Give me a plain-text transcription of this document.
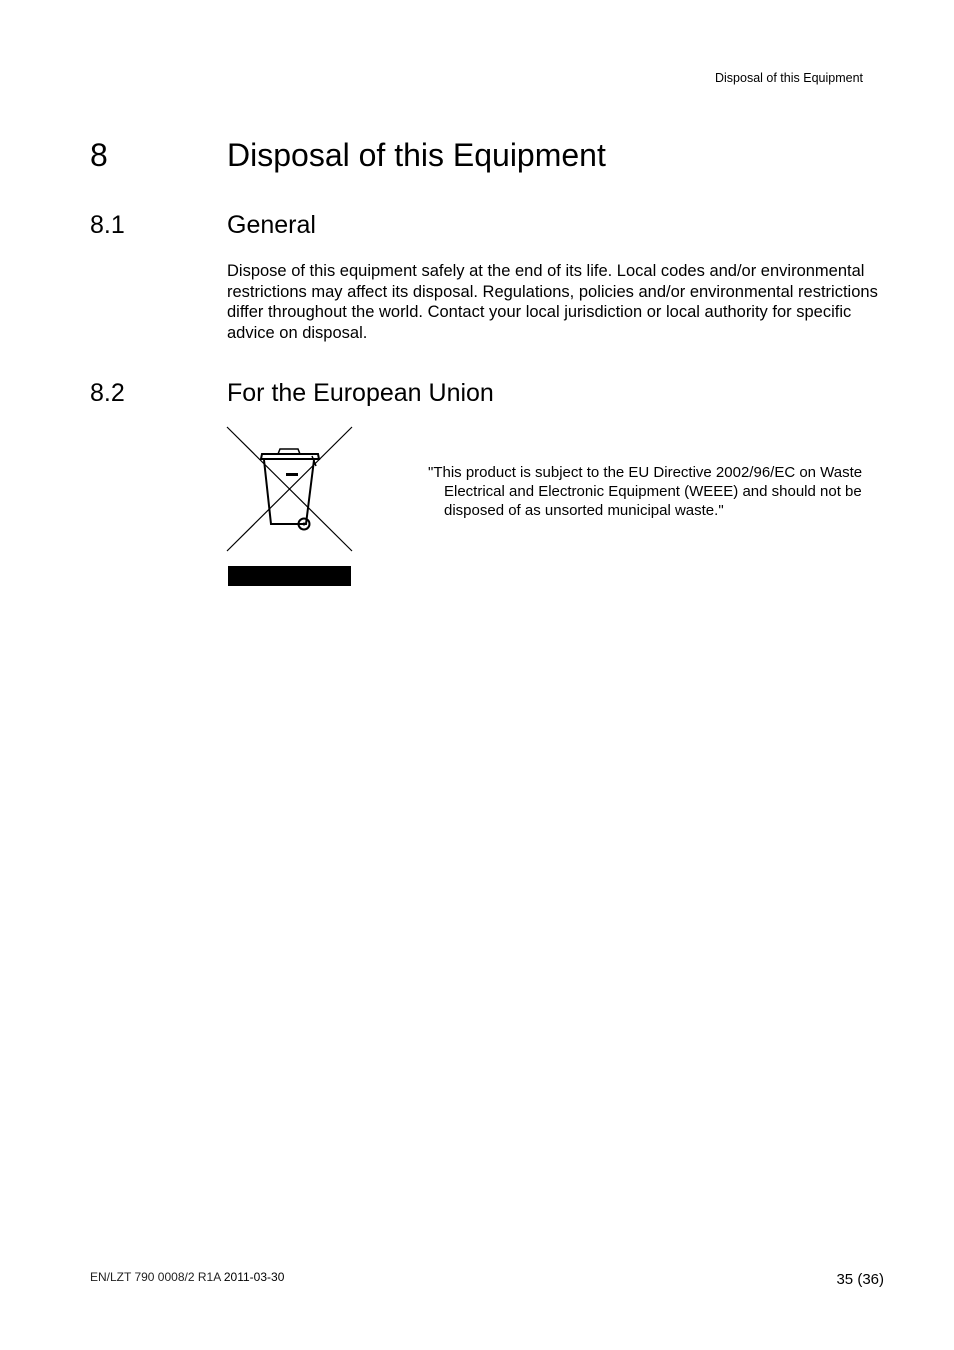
Disposal of this Equipment
8	Disposal of this Equipment
8.1	General
Dispose of this equipment safely at the end of its life. Local codes and/or environmental restrictions may affect its disposal. Regulations, policies and/or environmental restrictions differ throughout the world. Contact your local jurisdiction or local authority for specific advice on disposal.
8.2	For the European Union
"This product is subject to the EU Directive 2002/96/EC on Waste Electrical and Electronic Equipment (WEEE) and should not be disposed of as unsorted municipal waste."
EN/LZT 790 0008/2 R1A 2011-03-30	35 (36)
